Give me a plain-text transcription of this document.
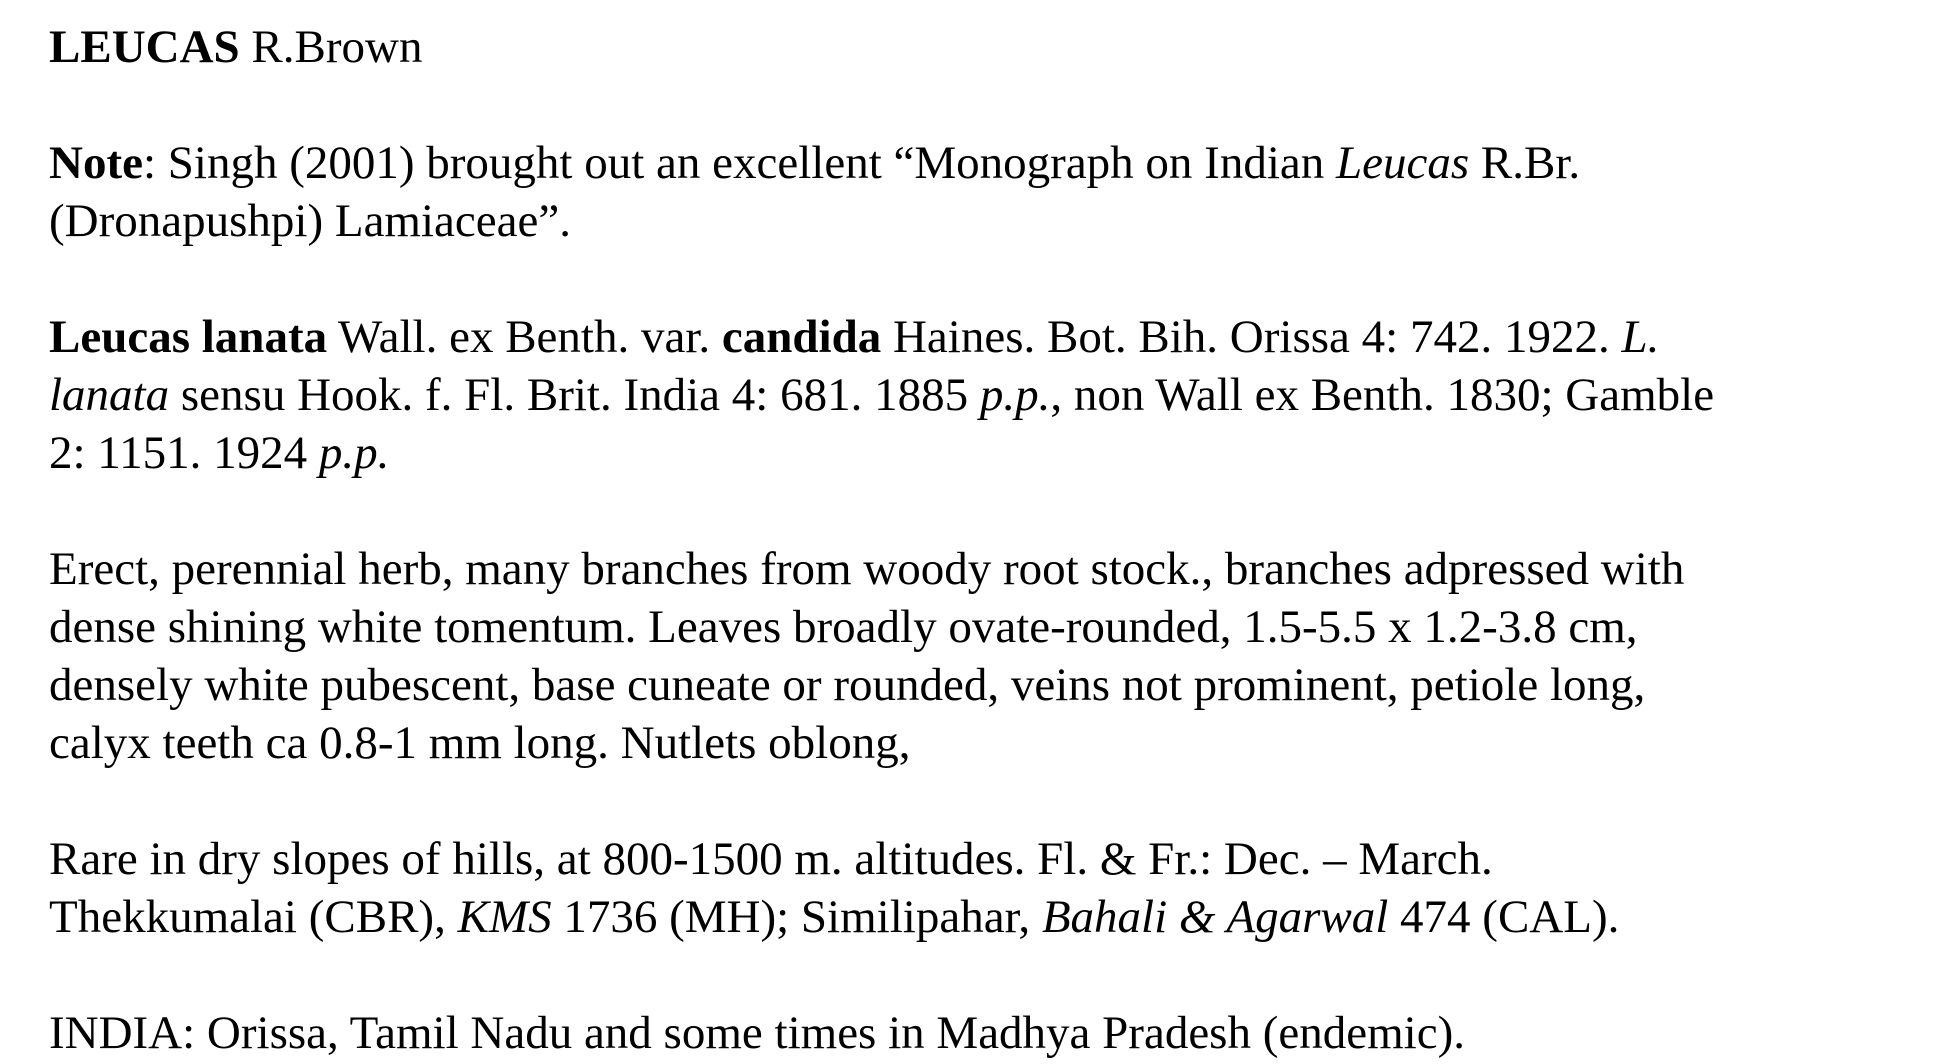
LEUCAS R.Brown
Note: Singh (2001) brought out an excellent “Monograph on Indian Leucas R.Br.
(Dronapushpi) Lamiaceae”.
Leucas lanata Wall. ex Benth. var. candida Haines. Bot. Bih. Orissa 4: 742. 1922. L.
lanata sensu Hook. f. Fl. Brit. India 4: 681. 1885 p.p., non Wall ex Benth. 1830; Gamble
2: 1151. 1924 p.p.
Erect, perennial herb, many branches from woody root stock., branches adpressed with
dense shining white tomentum. Leaves broadly ovate-rounded, 1.5-5.5 x 1.2-3.8 cm,
densely white pubescent, base cuneate or rounded, veins not prominent, petiole long,
calyx teeth ca 0.8-1 mm long. Nutlets oblong,
Rare in dry slopes of hills, at 800-1500 m. altitudes. Fl. & Fr.: Dec. – March.
Thekkumalai (CBR), KMS 1736 (MH); Similipahar, Bahali & Agarwal 474 (CAL).
INDIA: Orissa, Tamil Nadu and some times in Madhya Pradesh (endemic).
